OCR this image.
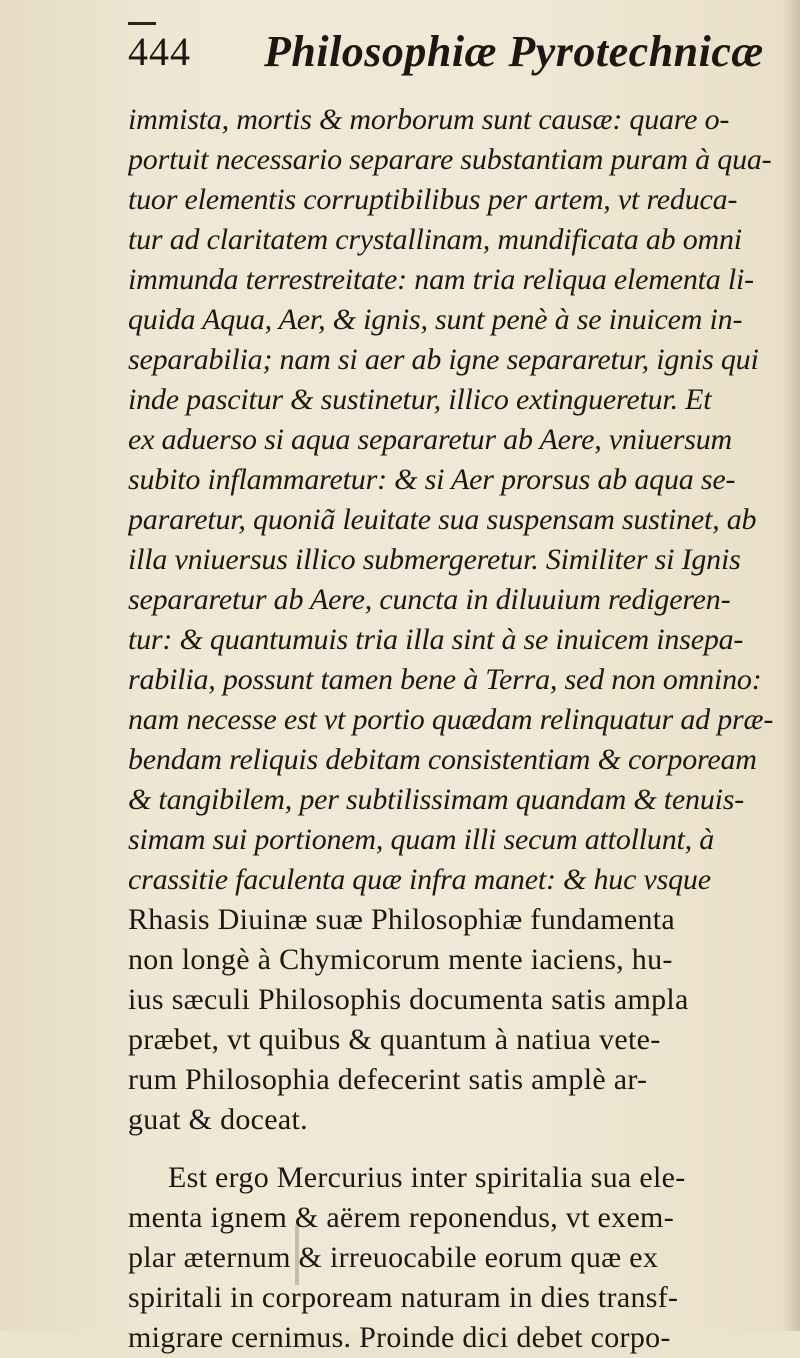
444 Philosophiæ Pyrotechnicæ
immista, mortis & morborum sunt causæ: quare o-
portuit necessario separare substantiam puram à qua-
tuor elementis corruptibilibus per artem, vt reduca-
tur ad claritatem crystallinam, mundificata ab omni
immunda terrestreitate: nam tria reliqua elementa li-
quida Aqua, Aer, & ignis, sunt penè à se inuicem in-
separabilia; nam si aer ab igne separaretur, ignis qui
inde pascitur & sustinetur, illico extingueretur. Et
ex aduerso si aqua separaretur ab Aere, vniuersum
subito inflammaretur: & si Aer prorsus ab aqua se-
pararetur, quoniã leuitate sua suspensam sustinet, ab
illa vniuersus illico submergeretur. Similiter si Ignis
separaretur ab Aere, cuncta in diluuium redigeren-
tur: & quantumuis tria illa sint à se inuicem insepa-
rabilia, possunt tamen bene à Terra, sed non omnino:
nam necesse est vt portio quædam relinquatur ad præ-
bendam reliquis debitam consistentiam & corpoream
& tangibilem, per subtilissimam quandam & tenuis-
simam sui portionem, quam illi secum attollunt, à
crassitie faculenta quæ infra manet: & huc vsque
Rhasis Diuinæ suæ Philosophiæ fundamenta
non longè à Chymicorum mente iaciens, hu-
ius sæculi Philosophis documenta satis ampla
præbet, vt quibus & quantum à natiua vete-
rum Philosophia defecerint satis amplè ar-
guat & doceat.
Est ergo Mercurius inter spiritalia sua ele-
menta ignem & aërem reponendus, vt exem-
plar æternum & irreuocabile eorum quæ ex
spiritali in corpoream naturam in dies transf-
migrare cernimus. Proinde dici debet corpo-
